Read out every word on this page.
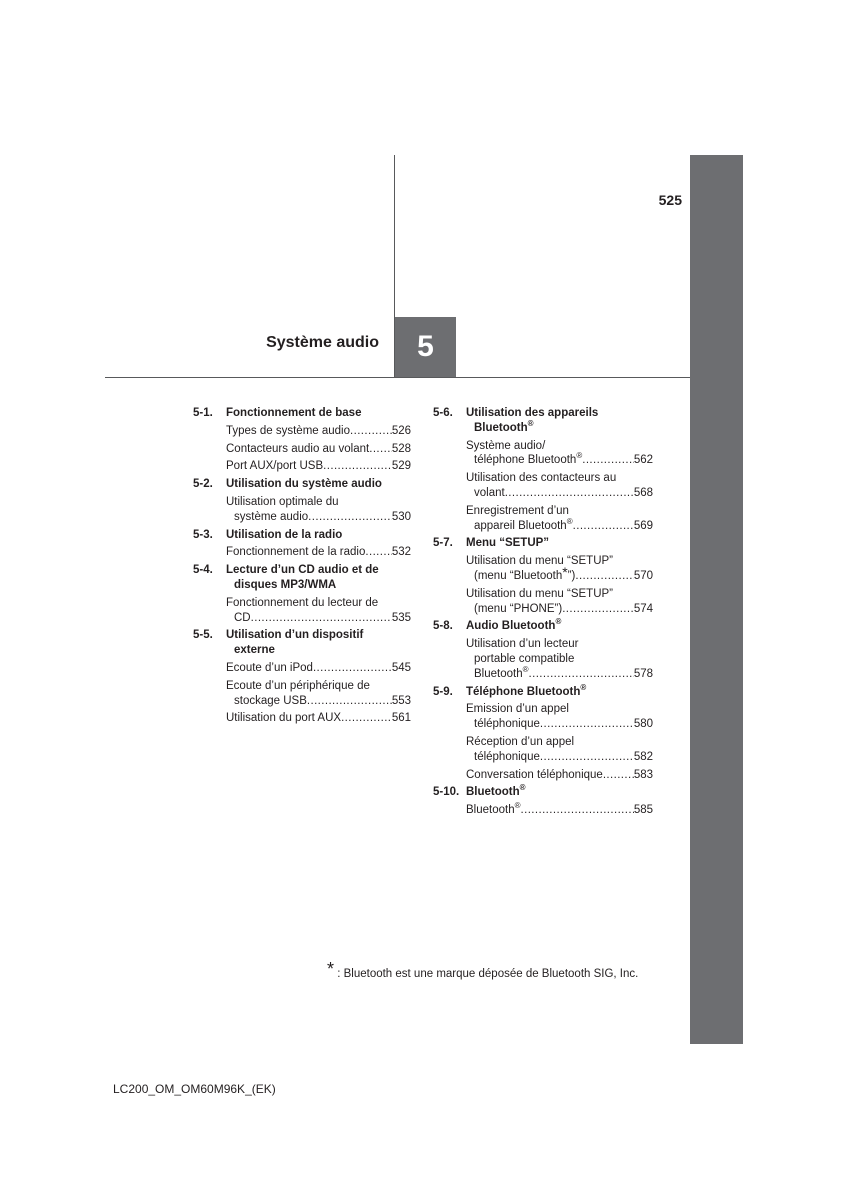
525
Système audio	5
5-1. Fonctionnement de base
Types de système audio .....	526
Contacteurs audio au volant ..... 528
Port AUX/port USB .....	529
5-2. Utilisation du système audio
Utilisation optimale du
système audio .....	530
5-3. Utilisation de la radio
Fonctionnement de la radio ..... 532
5-4. Lecture d’un CD audio et de
disques MP3/WMA
Fonctionnement du lecteur de
CD .....	535
5-5. Utilisation d’un dispositif
externe
Ecoute d’un iPod .....	545
Ecoute d’un périphérique de
stockage USB .....	553
Utilisation du port AUX .....	561
5-6. Utilisation des appareils
Bluetooth®
Système audio/
téléphone Bluetooth® .....	562
Utilisation des contacteurs au
volant .....	568
Enregistrement d’un
appareil Bluetooth® .....	569
5-7. Menu “SETUP”
Utilisation du menu “SETUP”
(menu “Bluetooth*”) .....	570
Utilisation du menu “SETUP”
(menu “PHONE”) .....	574
5-8. Audio Bluetooth®
Utilisation d’un lecteur
portable compatible
Bluetooth® .....	578
5-9. Téléphone Bluetooth®
Emission d’un appel
téléphonique .....	580
Réception d’un appel
téléphonique .....	582
Conversation téléphonique .....	583
5-10. Bluetooth®
Bluetooth® .....	585
* : Bluetooth est une marque déposée de Bluetooth SIG, Inc.
LC200_OM_OM60M96K_(EK)
